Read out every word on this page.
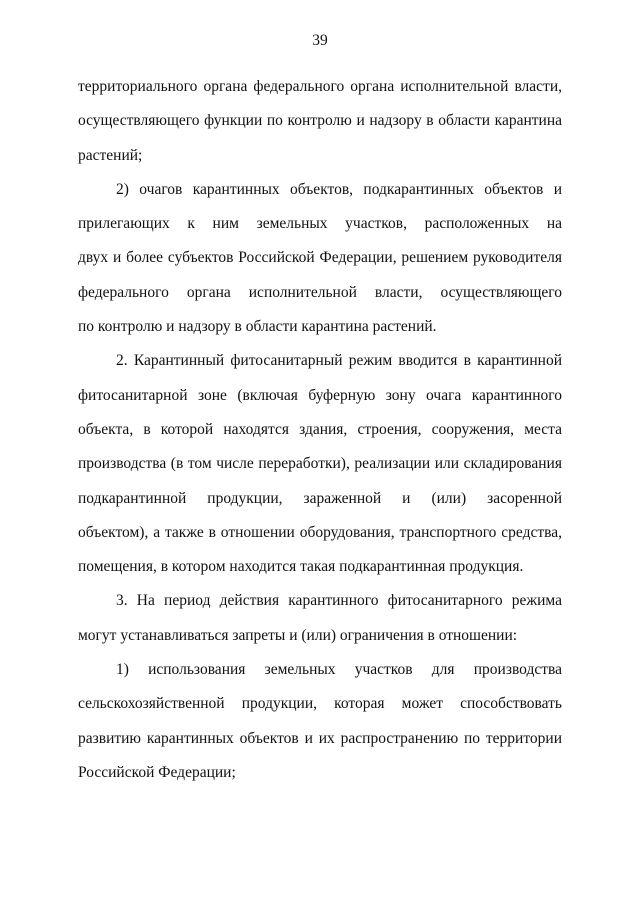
39
территориального органа федерального органа исполнительной власти,
осуществляющего функции по контролю и надзору в области карантина
растений;
2) очагов карантинных объектов, подкарантинных объектов и
прилегающих к ним земельных участков, расположенных на
двух и более субъектов Российской Федерации, решением руководителя
федерального органа исполнительной власти, осуществляющего
по контролю и надзору в области карантина растений.
2. Карантинный фитосанитарный режим вводится в карантинной
фитосанитарной зоне (включая буферную зону очага карантинного
объекта, в которой находятся здания, строения, сооружения, места
производства (в том числе переработки), реализации или складирования
подкарантинной продукции, зараженной и (или) засоренной
объектом), а также в отношении оборудования, транспортного средства,
помещения, в котором находится такая подкарантинная продукция.
3. На период действия карантинного фитосанитарного режима
могут устанавливаться запреты и (или) ограничения в отношении:
1) использования земельных участков для производства
сельскохозяйственной продукции, которая может способствовать
развитию карантинных объектов и их распространению по территории
Российской Федерации;
